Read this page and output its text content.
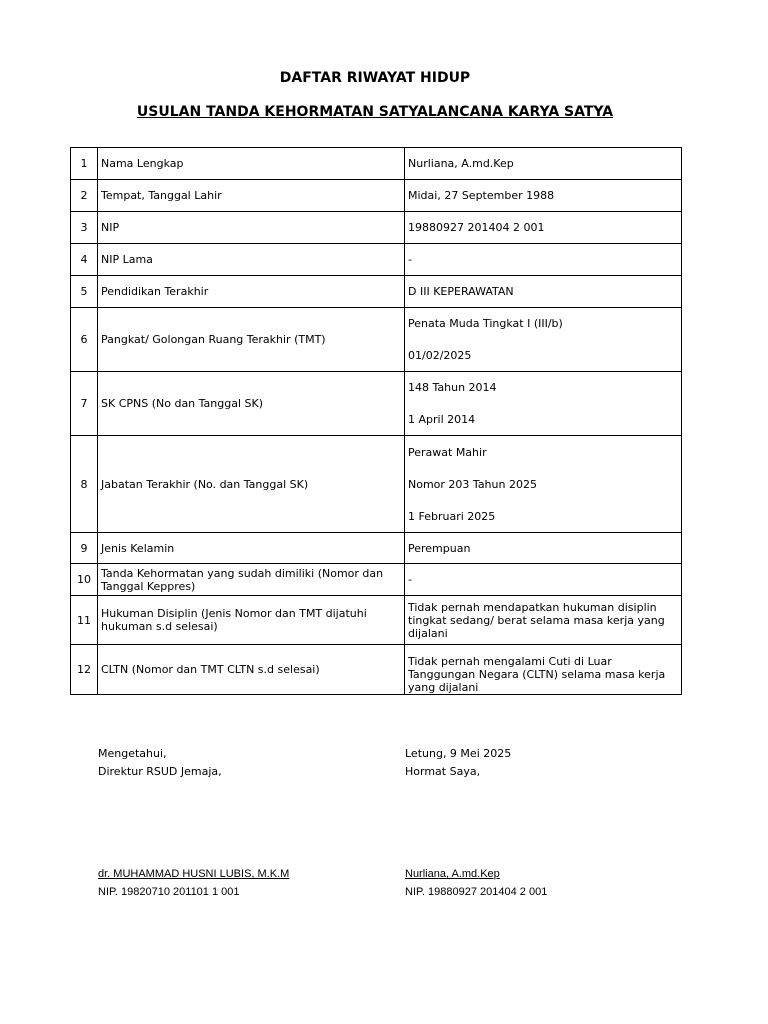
DAFTAR RIWAYAT HIDUP
USULAN TANDA KEHORMATAN SATYALANCANA KARYA SATYA
1	Nama Lengkap	Nurliana, A.md.Kep
2	Tempat, Tanggal Lahir	Midai, 27 September 1988
3	NIP	19880927 201404 2 001
4	NIP Lama	-
5	Pendidikan Terakhir	D III KEPERAWATAN
6	Pangkat/ Golongan Ruang Terakhir (TMT)	Penata Muda Tingkat I (III/b)
01/02/2025

7	SK CPNS (No dan Tanggal SK)	148 Tahun 2014
1 April 2014

8	Jabatan Terakhir (No. dan Tanggal SK)	Perawat Mahir
Nomor 203 Tahun 2025
1 Februari 2025

9	Jenis Kelamin	Perempuan
10	Tanda Kehormatan yang sudah dimiliki (Nomor dan Tanggal Keppres)	-
11	Hukuman Disiplin (Jenis Nomor dan TMT dijatuhi hukuman s.d selesai)	Tidak pernah mendapatkan hukuman disiplin tingkat sedang/ berat selama masa kerja yang dijalani
12	CLTN (Nomor dan TMT CLTN s.d selesai)	Tidak pernah mengalami Cuti di Luar Tanggungan Negara (CLTN) selama masa kerja yang dijalani
Mengetahui,
Direktur RSUD Jemaja,
dr. MUHAMMAD HUSNI LUBIS, M.K.M
NIP. 19820710 201101 1 001
Letung, 9 Mei 2025
Hormat Saya,
Nurliana, A.md.Kep
NIP. 19880927 201404 2 001
